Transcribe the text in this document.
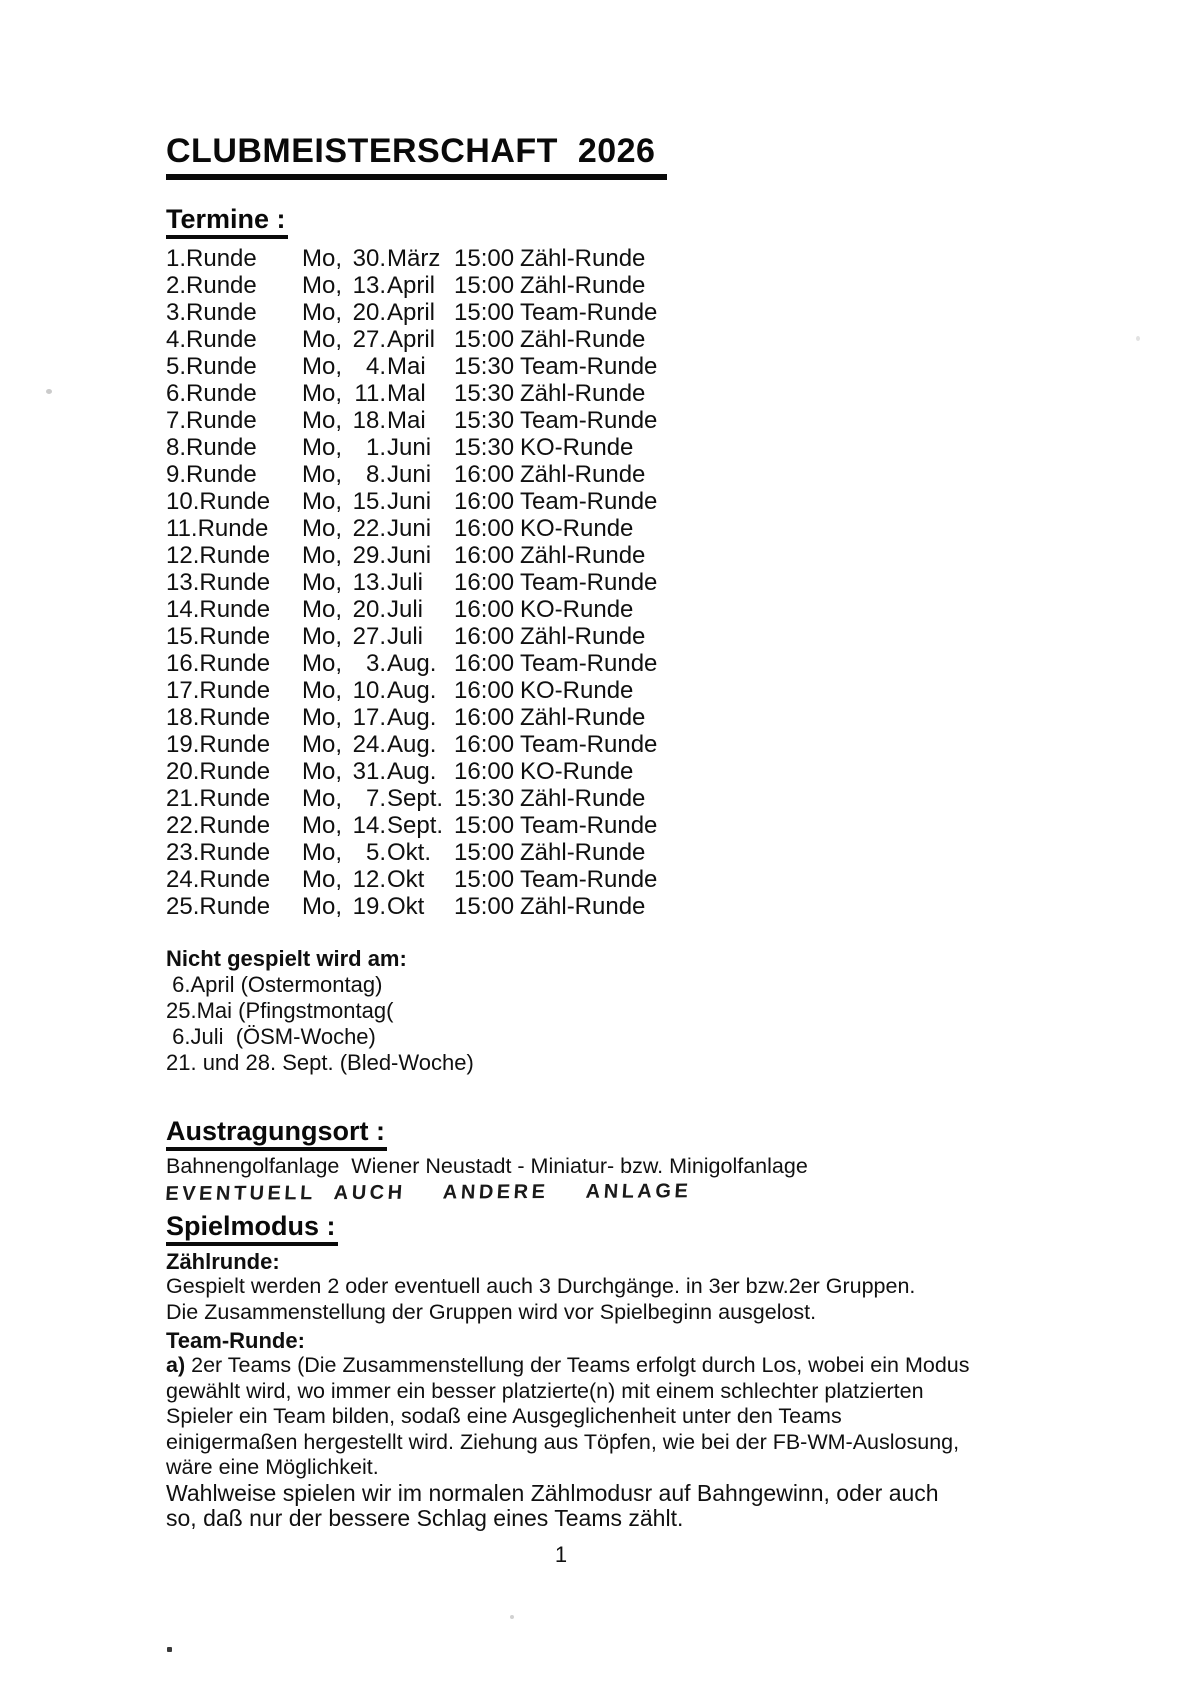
CLUBMEISTERSCHAFT  2026
Termine :
1.Runde	Mo, 30. März 15:00 Zähl-Runde
2.Runde	Mo, 13. April 15:00 Zähl-Runde
3.Runde	Mo, 20. April 15:00 Team-Runde
4.Runde	Mo, 27. April 15:00 Zähl-Runde
5.Runde	Mo, 4. Mai	15:30 Team-Runde
6.Runde	Mo, 11. Mal	15:30 Zähl-Runde
7.Runde	Mo, 18. Mai	15:30 Team-Runde
8.Runde	Mo, 1. Juni 15:30 KO-Runde
9.Runde	Mo, 8. Juni 16:00 Zähl-Runde
10.Runde	Mo, 15. Juni 16:00 Team-Runde
11.Runde	Mo, 22. Juni 16:00 KO-Runde
12.Runde	Mo, 29. Juni 16:00 Zähl-Runde
13.Runde	Mo, 13. Juli	16:00 Team-Runde
14.Runde	Mo, 20. Juli	16:00 KO-Runde
15.Runde	Mo, 27. Juli	16:00 Zähl-Runde
16.Runde	Mo, 3. Aug. 16:00 Team-Runde
17.Runde	Mo, 10. Aug. 16:00 KO-Runde
18.Runde	Mo, 17. Aug. 16:00 Zähl-Runde
19.Runde	Mo, 24. Aug. 16:00 Team-Runde
20.Runde	Mo, 31. Aug. 16:00 KO-Runde
21.Runde	Mo, 7. Sept. 15:30 Zähl-Runde
22.Runde	Mo, 14. Sept. 15:00 Team-Runde
23.Runde	Mo, 5. Okt. 15:00 Zähl-Runde
24.Runde	Mo, 12. Okt	15:00 Team-Runde
25.Runde	Mo, 19. Okt	15:00 Zähl-Runde
Nicht gespielt wird am:

6.April (Ostermontag)

25.Mai (Pfingstmontag(

6.Juli  (ÖSM-Woche)

21. und 28. Sept. (Bled-Woche)

Austragungsort :

Bahnengolfanlage  Wiener Neustadt - Miniatur- bzw. Minigolfanlage

EVENTUELL AUCH  ANDERE  ANLAGE

Spielmodus :

Zählrunde:

Gespielt werden 2 oder eventuell auch 3 Durchgänge. in 3er bzw.2er Gruppen.

Die Zusammenstellung der Gruppen wird vor Spielbeginn ausgelost.

Team-Runde:

a) 2er Teams (Die Zusammenstellung der Teams erfolgt durch Los, wobei ein Modus

gewählt wird, wo immer ein besser platzierte(n) mit einem schlechter platzierten

Spieler ein Team bilden, sodaß eine Ausgeglichenheit unter den Teams

einigermaßen hergestellt wird. Ziehung aus Töpfen, wie bei der FB-WM-Auslosung,

wäre eine Möglichkeit.

Wahlweise spielen wir im normalen Zählmodusr auf Bahngewinn, oder auch

so, daß nur der bessere Schlag eines Teams zählt.

1
